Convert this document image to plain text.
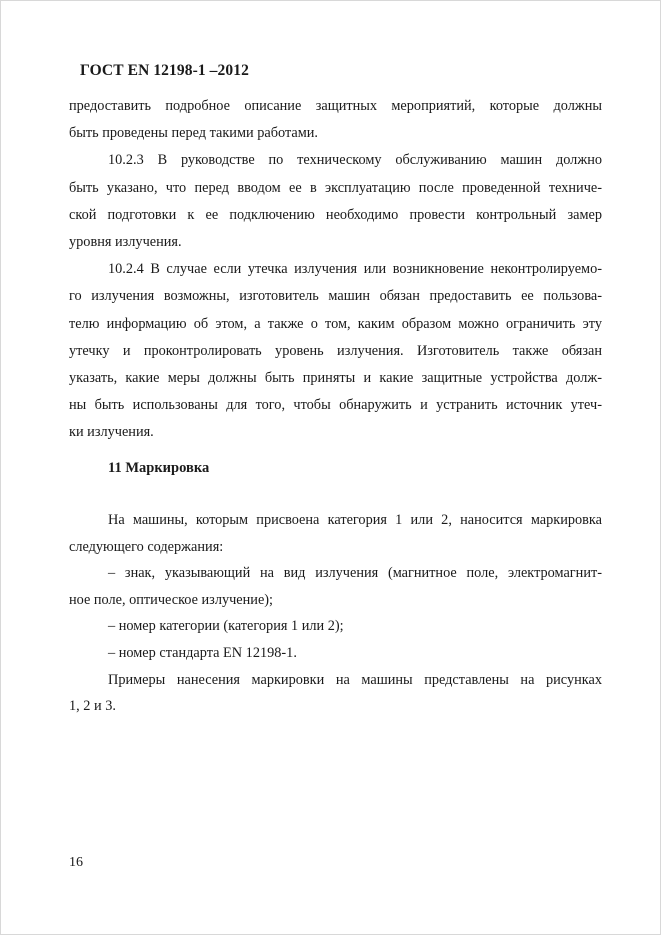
ГОСТ EN 12198-1 –2012
предоставить подробное описание защитных мероприятий, которые должны
быть проведены перед такими работами.
10.2.3 В руководстве по техническому обслуживанию машин должно
быть указано, что перед вводом ее в эксплуатацию после проведенной техниче-
ской подготовки к ее подключению необходимо провести контрольный замер
уровня излучения.
10.2.4 В случае если утечка излучения или возникновение неконтролируемо-
го излучения возможны, изготовитель машин обязан предоставить ее пользова-
телю информацию об этом, а также о том, каким образом можно ограничить эту
утечку и проконтролировать уровень излучения. Изготовитель также обязан
указать, какие меры должны быть приняты и какие защитные устройства долж-
ны быть использованы для того, чтобы обнаружить и устранить источник утеч-
ки излучения.
11 Маркировка
На машины, которым присвоена категория 1 или 2, наносится маркировка
следующего содержания:
– знак, указывающий на вид излучения (магнитное поле, электромагнит-
ное поле, оптическое излучение);
– номер категории (категория 1 или 2);
– номер стандарта EN 12198-1.
Примеры нанесения маркировки на машины представлены на рисунках
1, 2 и 3.
16
